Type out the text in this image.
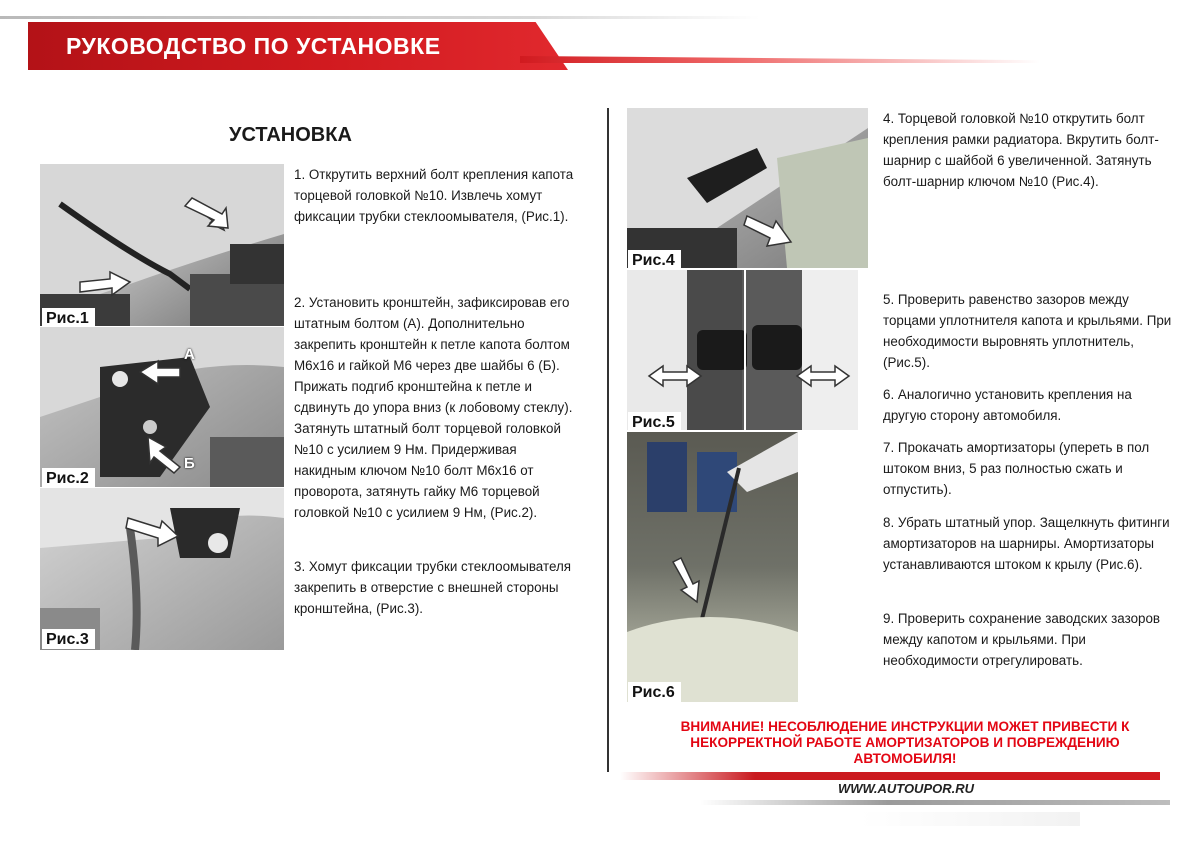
РУКОВОДСТВО ПО УСТАНОВКЕ
УСТАНОВКА
Рис.1
А
Б
Рис.2
Рис.3
1. Открутить верхний болт крепления капота торцевой головкой №10. Извлечь хомут фиксации трубки стеклоомывателя, (Рис.1).
2. Установить кронштейн, зафиксировав его штатным болтом (А). Дополнительно закрепить кронштейн к петле капота болтом М6х16 и гайкой М6 через две шайбы 6 (Б). Прижать подгиб кронштейна к петле и сдвинуть до упора вниз (к лобовому стеклу). Затянуть штатный болт торцевой головкой №10 с усилием 9 Нм. Придерживая накидным ключом №10 болт М6х16 от проворота, затянуть гайку М6 торцевой головкой №10 с усилием 9 Нм, (Рис.2).
3. Хомут фиксации трубки стеклоомывателя закрепить в отверстие с внешней стороны кронштейна, (Рис.3).
Рис.4
Рис.5
Рис.6
4. Торцевой головкой №10 открутить болт крепления рамки радиатора. Вкрутить болт-шарнир с шайбой 6 увеличенной. Затянуть болт-шарнир ключом №10 (Рис.4).
5. Проверить равенство зазоров между торцами уплотнителя капота и крыльями. При необходимости выровнять уплотнитель, (Рис.5).
6. Аналогично установить крепления на другую сторону автомобиля.
7. Прокачать амортизаторы (упереть в пол штоком вниз, 5 раз полностью сжать и отпустить).
8. Убрать штатный упор. Защелкнуть фитинги амортизаторов на шарниры. Амортизаторы устанавливаются штоком к крылу (Рис.6).
9. Проверить сохранение заводских зазоров между капотом и крыльями. При необходимости отрегулировать.
ВНИМАНИЕ! НЕСОБЛЮДЕНИЕ ИНСТРУКЦИИ МОЖЕТ ПРИВЕСТИ К НЕКОРРЕКТНОЙ РАБОТЕ АМОРТИЗАТОРОВ И ПОВРЕЖДЕНИЮ АВТОМОБИЛЯ!
WWW.AUTOUPOR.RU
